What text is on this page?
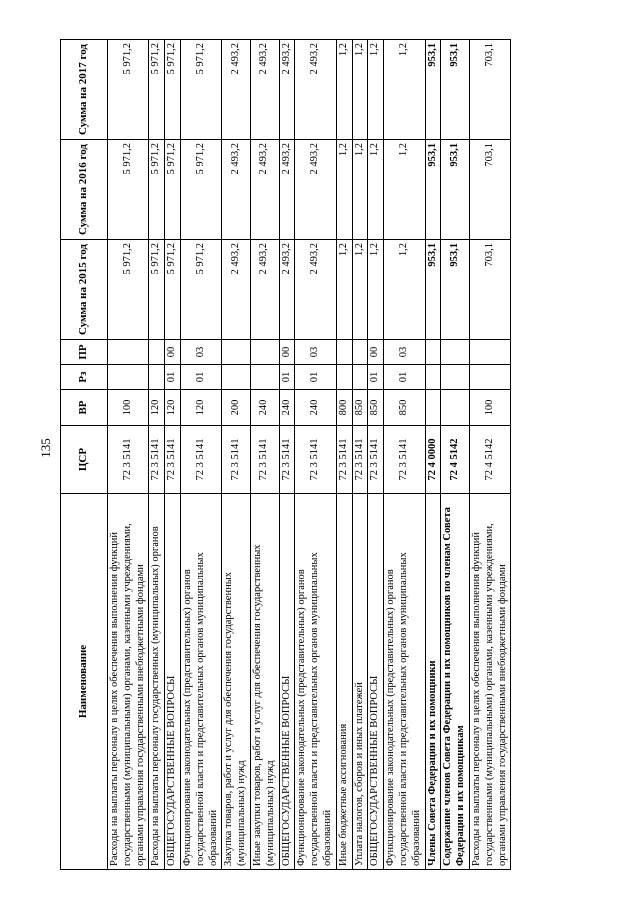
135
Наименование	ЦСР	ВР	Рз	ПР	Сумма на 2015 год	Сумма на 2016 год	Сумма на 2017 год
Расходы на выплаты персоналу в целях обеспечения выполнения функций государственными (муниципальными) органами, казенными учреждениями, органами управления государственными внебюджетными фондами	72 3 5141	100			5 971,2	5 971,2	5 971,2
Расходы на выплаты персоналу государственных (муниципальных) органов	72 3 5141	120			5 971,2	5 971,2	5 971,2
ОБЩЕГОСУДАРСТВЕННЫЕ ВОПРОСЫ	72 3 5141	120	01	00	5 971,2	5 971,2	5 971,2
Функционирование законодательных (представительных) органов государственной власти и представительных органов муниципальных образований	72 3 5141	120	01	03	5 971,2	5 971,2	5 971,2
Закупка товаров, работ и услуг для обеспечения государственных (муниципальных) нужд	72 3 5141	200			2 493,2	2 493,2	2 493,2
Иные закупки товаров, работ и услуг для обеспечения государственных (муниципальных) нужд	72 3 5141	240			2 493,2	2 493,2	2 493,2
ОБЩЕГОСУДАРСТВЕННЫЕ ВОПРОСЫ	72 3 5141	240	01	00	2 493,2	2 493,2	2 493,2
Функционирование законодательных (представительных) органов государственной власти и представительных органов муниципальных образований	72 3 5141	240	01	03	2 493,2	2 493,2	2 493,2
Иные бюджетные ассигнования	72 3 5141	800			1,2	1,2	1,2
Уплата налогов, сборов и иных платежей	72 3 5141	850			1,2	1,2	1,2
ОБЩЕГОСУДАРСТВЕННЫЕ ВОПРОСЫ	72 3 5141	850	01	00	1,2	1,2	1,2
Функционирование законодательных (представительных) органов государственной власти и представительных органов муниципальных образований	72 3 5141	850	01	03	1,2	1,2	1,2
Члены Совета Федерации и их помощники	72 4 0000				953,1	953,1	953,1
Содержание членов Совета Федерации и их помощников по членам Совета Федерации и их помощникам	72 4 5142				953,1	953,1	953,1
Расходы на выплаты персоналу в целях обеспечения выполнения функций государственными (муниципальными) органами, казенными учреждениями, органами управления государственными внебюджетными фондами	72 4 5142	100			703,1	703,1	703,1
